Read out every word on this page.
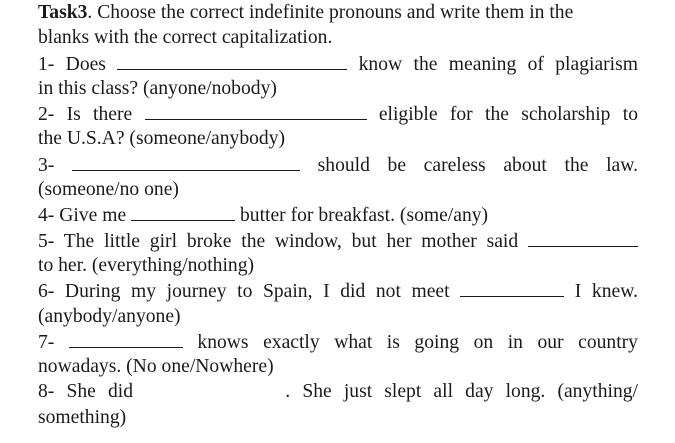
Task3. Choose the correct indefinite pronouns and write them in the
blanks with the correct capitalization.
1- Does	know the meaning of plagiarism
in this class? (anyone/nobody)
2- Is there	eligible for the scholarship to
the U.S.A? (someone/anybody)
3-	should be careless about the law.
(someone/no one)
4- Give me	butter for breakfast. (some/any)
5- The little girl broke the window, but her mother said
to her. (everything/nothing)
6- During my journey to Spain, I did not meet	I knew.
(anybody/anyone)
7-	knows exactly what is going on in our country
nowadays. (No one/Nowhere)
8- She did	. She just slept all day long. (anything/
something)
